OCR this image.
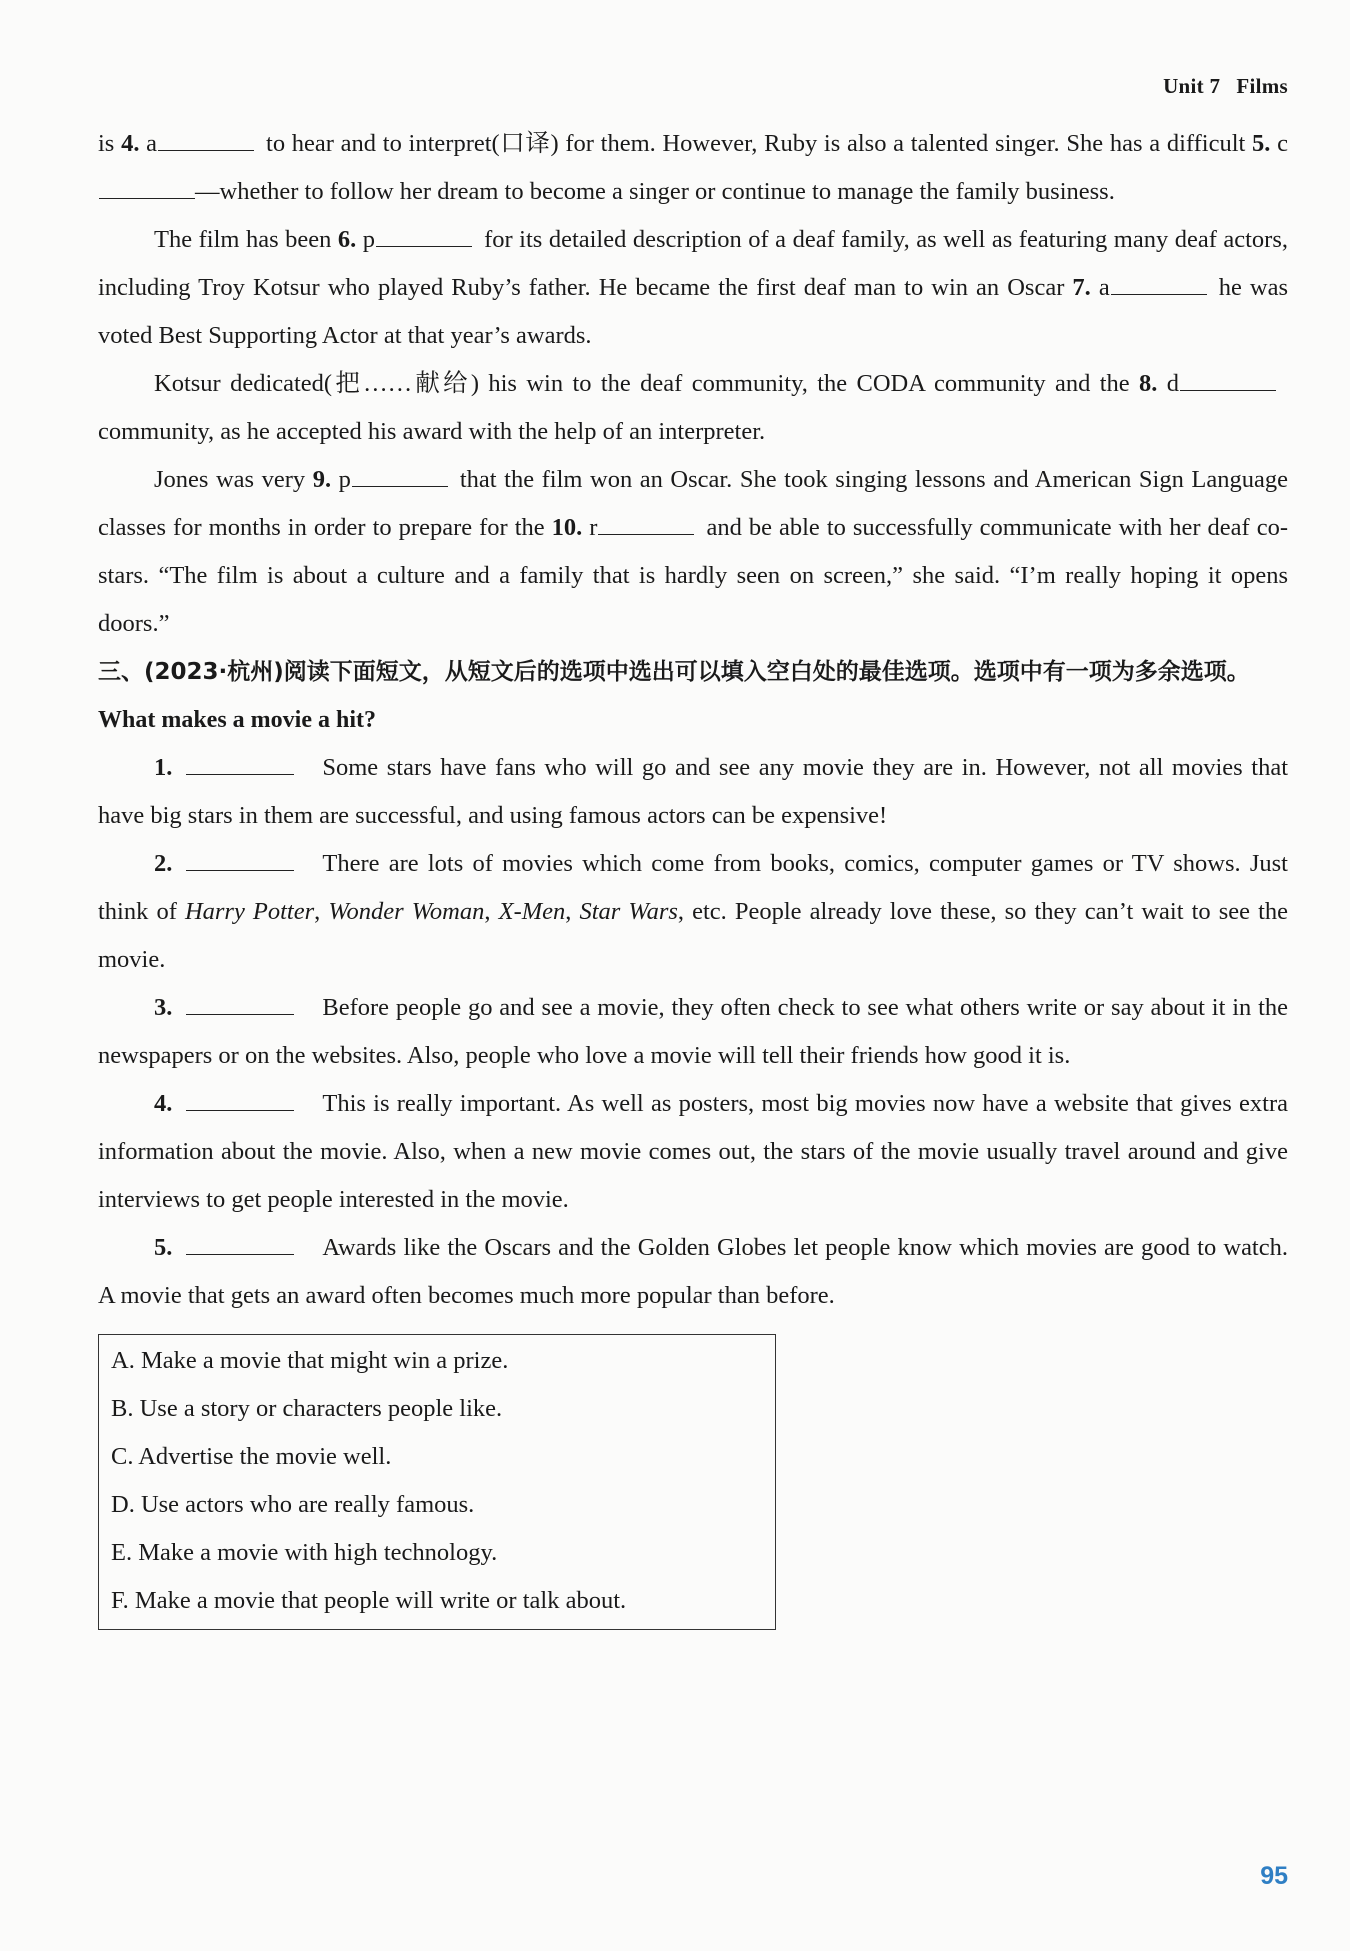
Unit 7 Films

is 4. a	to hear and to interpret(口译) for them. However, Ruby is also a talented singer. She has a difficult 5. c—whether to follow her dream to become a singer or continue to manage the family business.

The film has been 6. p	for its detailed description of a deaf family, as well as featuring many deaf actors, including Troy Kotsur who played Ruby’s father. He became the first deaf man to win an Oscar 7. a	he was voted Best Supporting Actor at that year’s awards.

Kotsur dedicated(把……献给) his win to the deaf community, the CODA community and the 8. dcommunity, as he accepted his award with the help of an interpreter.

Jones was very 9. p	that the film won an Oscar. She took singing lessons and American Sign Language classes for months in order to prepare for the 10. r	and be able to successfully communicate with her deaf co-stars. “The film is about a culture and a family that is hardly seen on screen,” she said. “I’m really hoping it opens doors.”

三、(2023·杭州)阅读下面短文，从短文后的选项中选出可以填入空白处的最佳选项。选项中有一项为多余选项。

What makes a movie a hit?

1.	Some stars have fans who will go and see any movie they are in. However, not all movies that have big stars in them are successful, and using famous actors can be expensive!

2.	There are lots of movies which come from books, comics, computer games or TV shows. Just think of Harry Potter, Wonder Woman, X-Men, Star Wars, etc. People already love these, so they can’t wait to see the movie.

3.	Before people go and see a movie, they often check to see what others write or say about it in the newspapers or on the websites. Also, people who love a movie will tell their friends how good it is.

4.	This is really important. As well as posters, most big movies now have a website that gives extra information about the movie. Also, when a new movie comes out, the stars of the movie usually travel around and give interviews to get people interested in the movie.

5.	Awards like the Oscars and the Golden Globes let people know which movies are good to watch. A movie that gets an award often becomes much more popular than before.

A. Make a movie that might win a prize.
B. Use a story or characters people like.
C. Advertise the movie well.
D. Use actors who are really famous.
E. Make a movie with high technology.
F. Make a movie that people will write or talk about.
95
